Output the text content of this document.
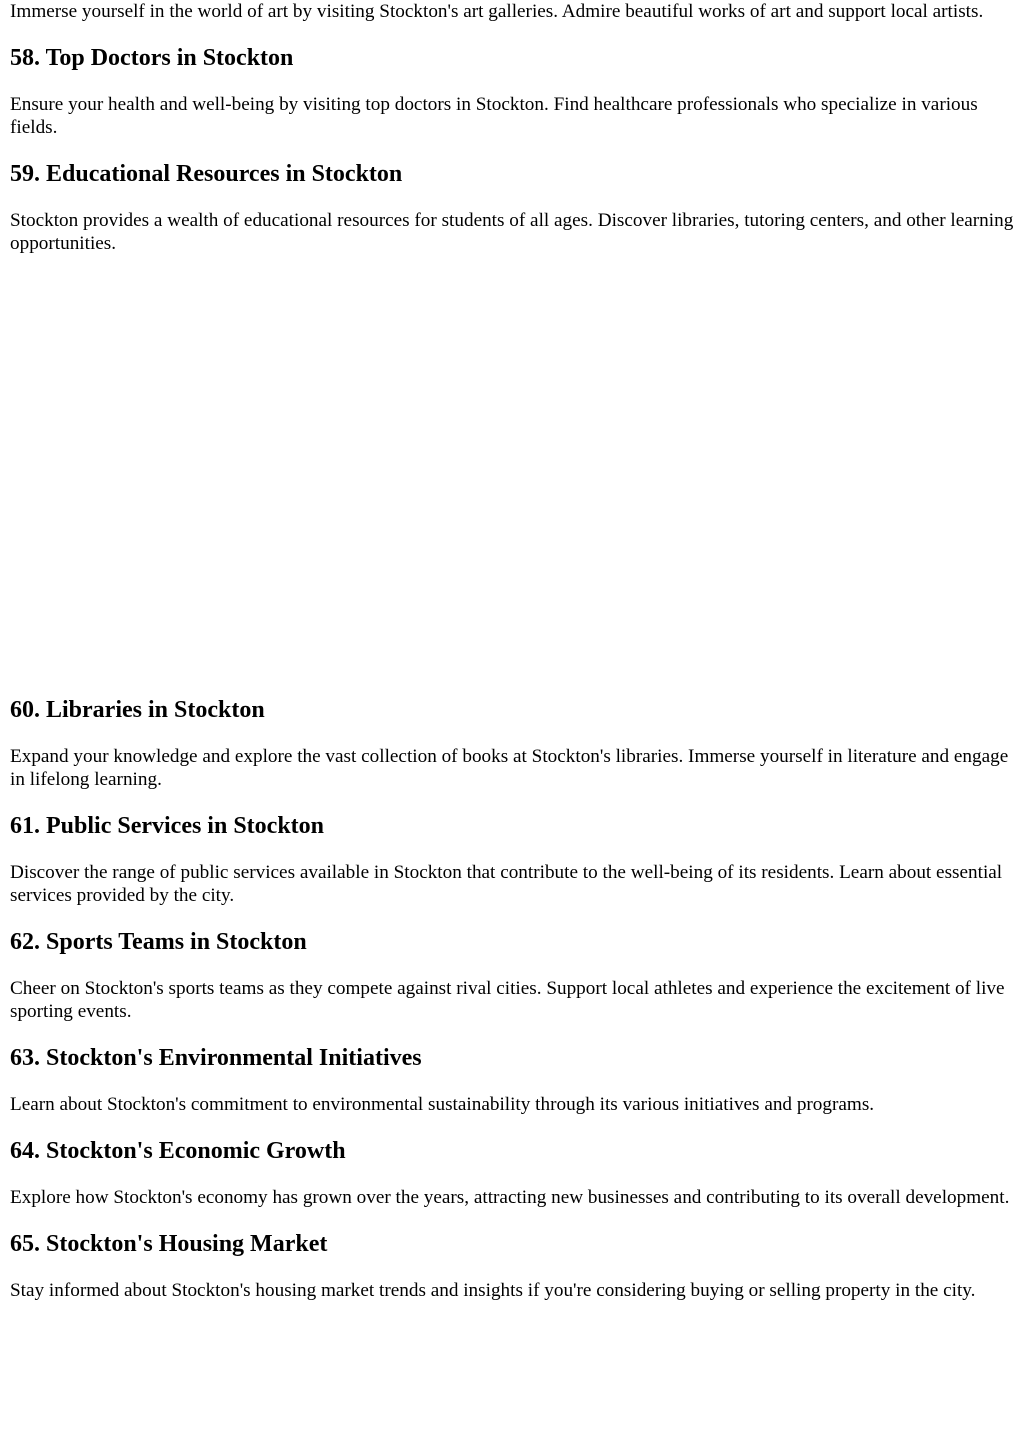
Immerse yourself in the world of art by visiting Stockton's art galleries. Admire beautiful works of art and support local artists.

58. Top Doctors in Stockton

Ensure your health and well-being by visiting top doctors in Stockton. Find healthcare professionals who specialize in various fields.

59. Educational Resources in Stockton

Stockton provides a wealth of educational resources for students of all ages. Discover libraries, tutoring centers, and other learning opportunities.

60. Libraries in Stockton

Expand your knowledge and explore the vast collection of books at Stockton's libraries. Immerse yourself in literature and engage in lifelong learning.

61. Public Services in Stockton

Discover the range of public services available in Stockton that contribute to the well-being of its residents. Learn about essential services provided by the city.

62. Sports Teams in Stockton

Cheer on Stockton's sports teams as they compete against rival cities. Support local athletes and experience the excitement of live sporting events.

63. Stockton's Environmental Initiatives

Learn about Stockton's commitment to environmental sustainability through its various initiatives and programs.

64. Stockton's Economic Growth

Explore how Stockton's economy has grown over the years, attracting new businesses and contributing to its overall development.

65. Stockton's Housing Market

Stay informed about Stockton's housing market trends and insights if you're considering buying or selling property in the city.
